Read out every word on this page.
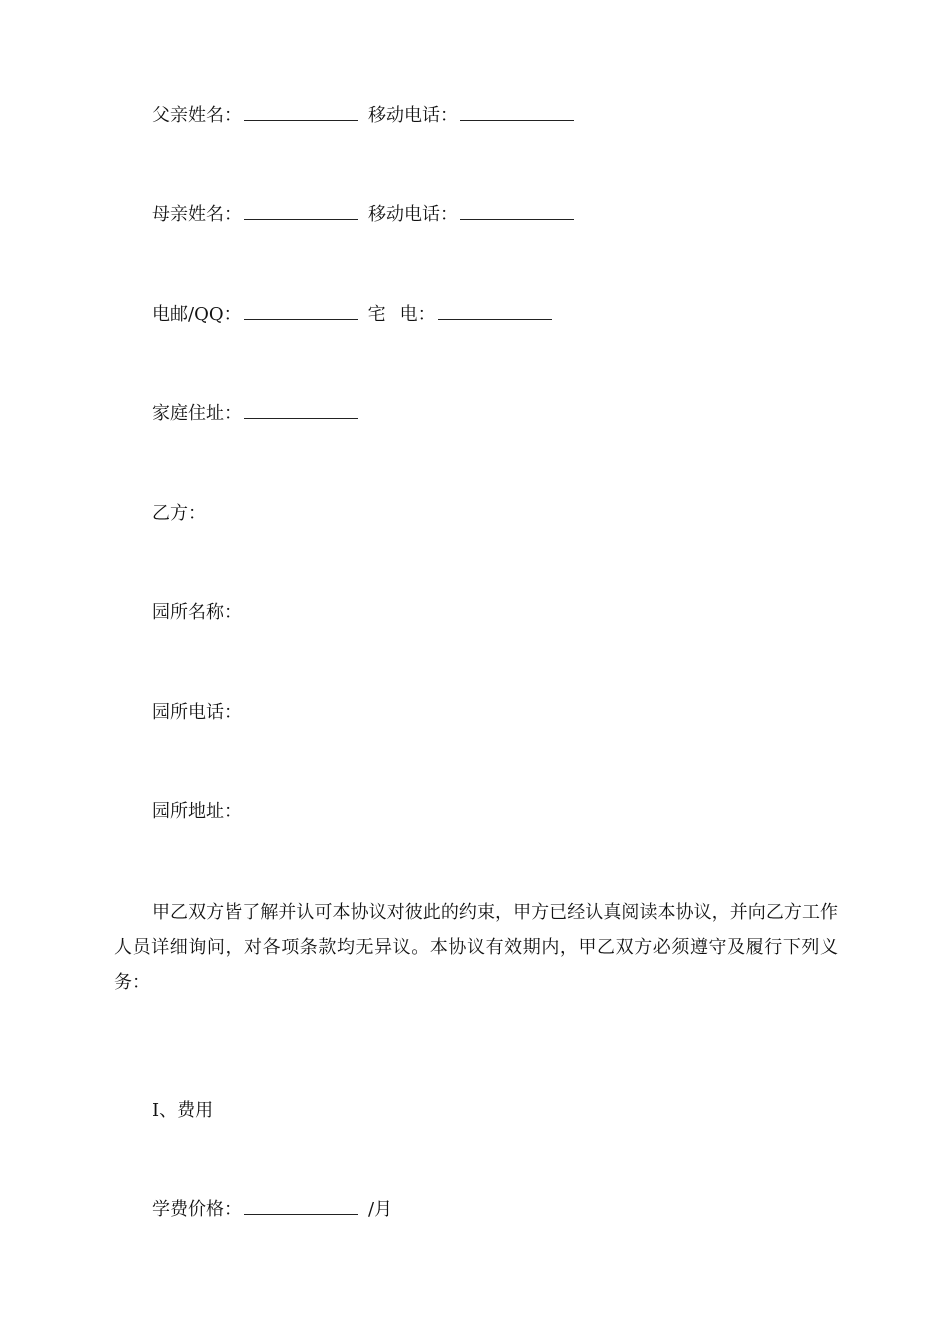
父亲姓名：	移动电话：
母亲姓名：	移动电话：
电邮/QQ：	宅 电：
家庭住址：
乙方：
园所名称：
园所电话：
园所地址：
甲乙双方皆了解并认可本协议对彼此的约束，甲方已经认真阅读本协议，并向乙方工作人员详细询问，对各项条款均无异议。本协议有效期内，甲乙双方必须遵守及履行下列义务：
Ⅰ、费用
学费价格：	/月
